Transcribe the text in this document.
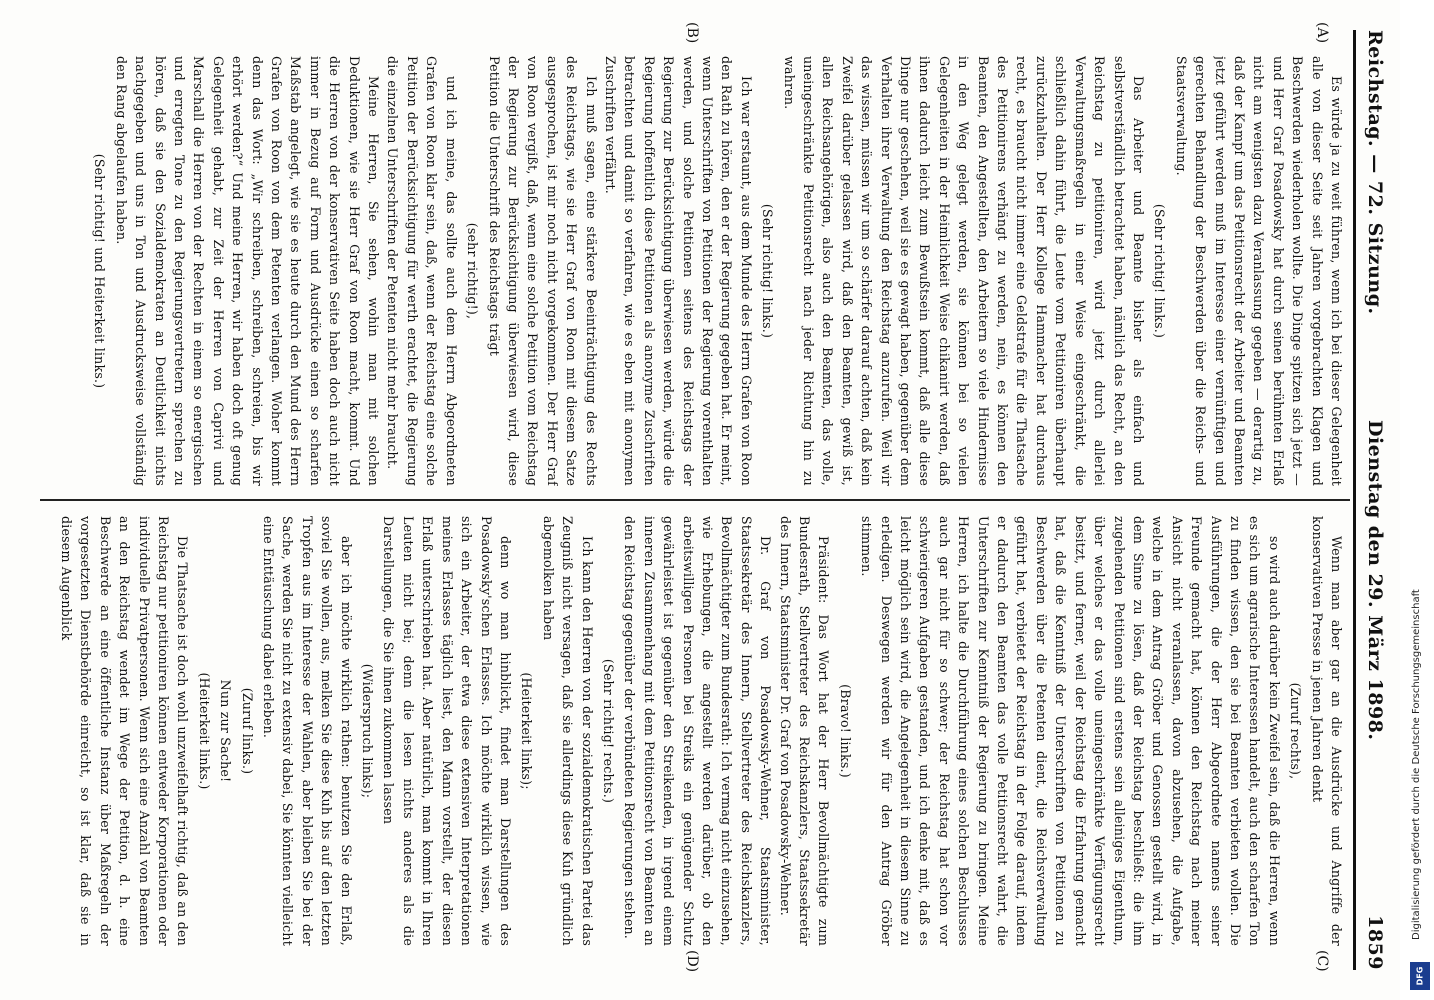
Reichstag. — 72. Sitzung.
Dienstag den 29. März 1898.
1859
(A)
(B)
(C)
(D)

Es würde ja zu weit führen, wenn ich bei dieser Gelegenheit alle von dieser Seite seit Jahren vorgebrachten Klagen und Beschwerden wiederholen wollte. Die Dinge spitzen sich jetzt — und Herr Graf Posadowsky hat durch seinen berühmten Erlaß nicht am wenigsten dazu Veranlassung gegeben — derartig zu, daß der Kampf um das Petitionsrecht der Arbeiter und Beamten jetzt geführt werden muß im Interesse einer vernünftigen und gerechten Behandlung der Beschwerden über die Reichs- und Staatsverwaltung.

(Sehr richtig! links.)

Das Arbeiter und Beamte bisher als einfach und selbstverständlich betrachtet haben, nämlich das Recht, an den Reichstag zu petitioniren, wird jetzt durch allerlei Verwaltungsmaßregeln in einer Weise eingeschränkt, die schließlich dahin führt, die Leute vom Petitioniren überhaupt zurückzuhalten. Der Herr Kollege Hammacher hat durchaus recht, es braucht nicht immer eine Geldstrafe für die Thatsache des Petitionirens verhängt zu werden, nein, es können den Beamten, den Angestellten, den Arbeitern so viele Hindernisse in den Weg gelegt werden, sie können bei so vielen Gelegenheiten in der Heimlichkeit Weise chikanirt werden, daß ihnen dadurch leicht zum Bewußtsein kommt, daß alle diese Dinge nur geschehen, weil sie es gewagt haben, gegenüber dem Verhalten ihrer Verwaltung den Reichstag anzurufen. Weil wir das wissen, müssen wir um so schärfer darauf achten, daß kein Zweifel darüber gelassen wird, daß den Beamten, gewiß ist, allen Reichsangehörigen, also auch den Beamten, das volle, uneingeschränkte Petitionsrecht nach jeder Richtung hin zu wahren.

(Sehr richtig! links.)

Ich war erstaunt, aus dem Munde des Herrn Grafen von Roon den Rath zu hören, den er der Regierung gegeben hat. Er meint, wenn Unterschriften von Petitionen der Regierung vorenthalten werden, und solche Petitionen seitens des Reichstags der Regierung zur Berücksichtigung überwiesen werden, würde die Regierung hoffentlich diese Petitionen als anonyme Zuschriften betrachten und damit so verfahren, wie es eben mit anonymen Zuschriften verfährt.

Ich muß sagen, eine stärkere Beeinträchtigung des Rechts des Reichstags, wie sie Herr Graf von Roon mit diesem Satze ausgesprochen, ist mir noch nicht vorgekommen. Der Herr Graf von Roon vergißt, daß, wenn eine solche Petition vom Reichstag der Regierung zur Berücksichtigung überwiesen wird, diese Petition die Unterschrift des Reichstags trägt

(sehr richtig!),

und ich meine, das sollte auch dem Herrn Abgeordneten Grafen von Roon klar sein, daß, wenn der Reichstag eine solche Petition der Berücksichtigung für werth erachtet, die Regierung die einzelnen Unterschriften der Petenten nicht mehr braucht.

Meine Herren, Sie sehen, wohin man mit solchen Deduktionen, wie sie Herr Graf von Roon macht, kommt. Und die Herren von der konservativen Seite haben doch auch nicht immer in Bezug auf Form und Ausdrücke einen so scharfen Maßstab angelegt, wie sie es heute durch den Mund des Herrn Grafen von Roon von dem Petenten verlangen. Woher kommt denn das Wort: „Wir schreiben, schreiben, schreien, bis wir erhört werden?“ Und meine Herren, wir haben doch oft genug Gelegenheit gehabt, zur Zeit der Herren von Caprivi und Marschall die Herren von der Rechten in einem so energischen und erregten Tone zu den Regierungsvertretern sprechen zu hören, daß sie den Sozialdemokraten an Deutlichkeit nichts nachgegeben und uns in Ton und Ausdrucksweise vollständig den Rang abgelaufen haben.

(Sehr richtig! und Heiterkeit links.)

Wenn man aber gar an die Ausdrücke und Angriffe der konservativen Presse in jenen Jahren denkt

(Zuruf rechts),

so wird auch darüber kein Zweifel sein, daß die Herren, wenn es sich um agrarische Interessen handelt, auch den scharfen Ton zu finden wissen, den sie bei Beamten verbieten wollen. Die Ausführungen, die der Herr Abgeordnete namens seiner Freunde gemacht hat, können den Reichstag nach meiner Ansicht nicht veranlassen, davon abzusehen, die Aufgabe, welche in dem Antrag Gröber und Genossen gestellt wird, in dem Sinne zu lösen, daß der Reichstag beschließt: die ihm zugehenden Petitionen sind erstens sein alleiniges Eigenthum, über welches er das volle uneingeschränkte Verfügungsrecht besitzt, und ferner, weil der Reichstag die Erfahrung gemacht hat, daß die Kenntniß der Unterschriften von Petitionen zu Beschwerden über die Petenten dient, die Reichsverwaltung geführt hat, verbietet der Reichstag in der Folge darauf, indem er dadurch den Beamten das volle Petitionsrecht wahrt, die Unterschriften zur Kenntniß der Regierung zu bringen. Meine Herren, ich halte die Durchführung eines solchen Beschlusses auch gar nicht für so schwer; der Reichstag hat schon vor schwierigeren Aufgaben gestanden, und ich denke mit, daß es leicht möglich sein wird, die Angelegenheit in diesem Sinne zu erledigen. Deswegen werden wir für den Antrag Gröber stimmen.

(Bravo! links.)

Präsident: Das Wort hat der Herr Bevollmächtigte zum Bundesrath, Stellvertreter des Reichskanzlers, Staatssekretär des Innern, Staatsminister Dr. Graf von Posadowsky-Wehner.

Dr. Graf von Posadowsky-Wehner, Staatsminister, Staatssekretär des Innern, Stellvertreter des Reichskanzlers, Bevollmächtigter zum Bundesrath: Ich vermag nicht einzusehen, wie Erhebungen, die angestellt werden darüber, ob den arbeitswilligen Personen bei Streiks ein genügender Schutz gewährleistet ist gegenüber den Streikenden, in irgend einem inneren Zusammenhang mit dem Petitionsrecht von Beamten an den Reichstag gegenüber der verbündeten Regierungen stehen.

(Sehr richtig! rechts.)

Ich kann den Herren von der sozialdemokratischen Partei das Zeugniß nicht versagen, daß sie allerdings diese Kuh gründlich abgemolken haben

(Heiterkeit links);

denn wo man hinblickt, findet man Darstellungen des Posadowsky'schen Erlasses. Ich möchte wirklich wissen, wie sich ein Arbeiter, der etwa diese extensiven Interpretationen meines Erlasses täglich liest, den Mann vorstellt, der diesen Erlaß unterschrieben hat. Aber natürlich, man kommt in Ihren Leuten nicht bei; denn die lesen nichts anderes als die Darstellungen, die Sie ihnen zukommen lassen

(Widerspruch links);

aber ich möchte wirklich rathen: benutzen Sie den Erlaß, soviel Sie wollen, aus, melken Sie diese Kuh bis auf den letzten Tropfen aus im Interesse der Wahlen, aber bleiben Sie bei der Sache, werden Sie nicht zu extensiv dabei, Sie könnten vielleicht eine Enttäuschung dabei erleben.

(Zuruf links.)

Nun zur Sache!

(Heiterkeit links.)

Die Thatsache ist doch wohl unzweifelhaft richtig, daß an den Reichstag nur petitioniren können entweder Korporationen oder individuelle Privatpersonen. Wenn sich eine Anzahl von Beamten an den Reichstag wendet im Wege der Petition, d. h. eine Beschwerde an eine öffentliche Instanz über Maßregeln der vorgesetzten Dienstbehörde einreicht, so ist klar, daß sie in diesem Augenblick

Digitalisierung gefördert durch die Deutsche Forschungsgemeinschaft
DFG
